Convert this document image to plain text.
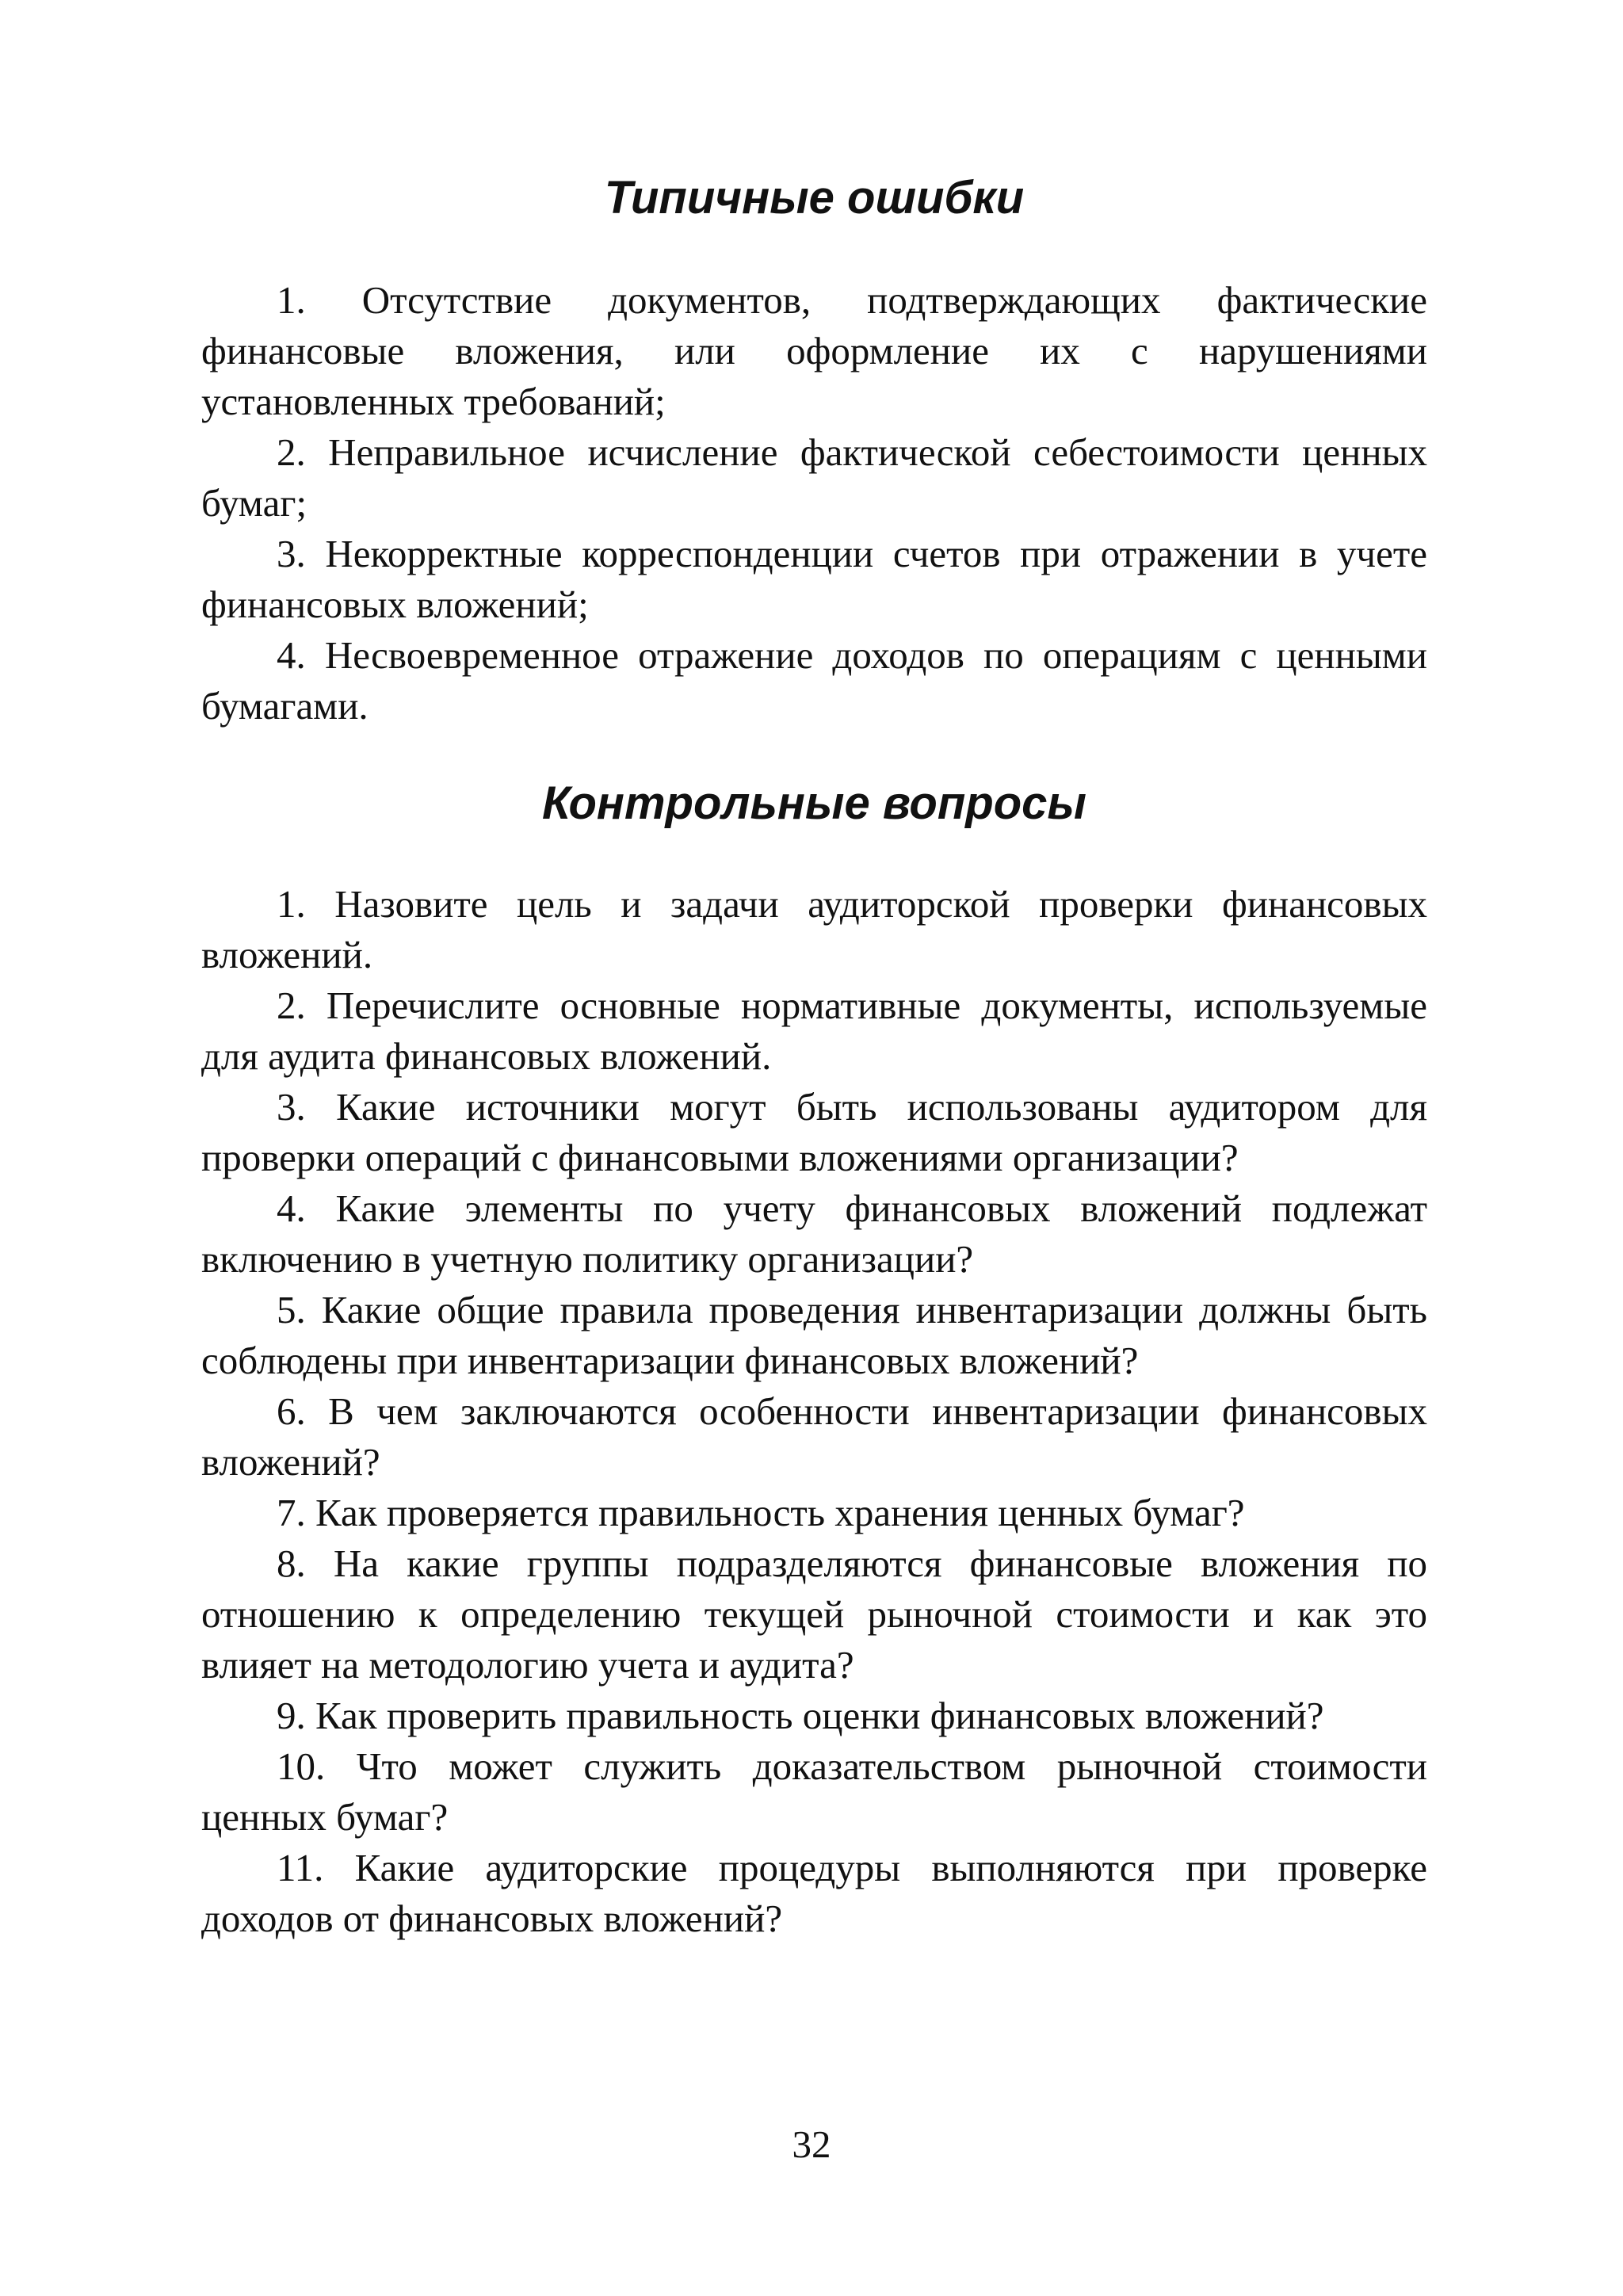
Типичные ошибки

1. Отсутствие документов, подтверждающих фактические финансовые вложения, или оформление их с нарушениями установленных требований;

2. Неправильное исчисление фактической себестоимости ценных бумаг;

3. Некорректные корреспонденции счетов при отражении в учете финансовых вложений;

4. Несвоевременное отражение доходов по операциям с ценными бумагами.

Контрольные вопросы

1. Назовите цель и задачи аудиторской проверки финансовых вложений.

2. Перечислите основные нормативные документы, используемые для аудита финансовых вложений.

3. Какие источники могут быть использованы аудитором для проверки операций с финансовыми вложениями организации?

4. Какие элементы по учету финансовых вложений подлежат включению в учетную политику организации?

5. Какие общие правила проведения инвентаризации должны быть соблюдены при инвентаризации финансовых вложений?

6. В чем заключаются особенности инвентаризации финансовых вложений?

7. Как проверяется правильность хранения ценных бумаг?

8. На какие группы подразделяются финансовые вложения по отношению к определению текущей рыночной стоимости и как это влияет на методологию учета и аудита?

9. Как проверить правильность оценки финансовых вложений?

10. Что может служить доказательством рыночной стоимости ценных бумаг?

11. Какие аудиторские процедуры выполняются при проверке доходов от финансовых вложений?

32
